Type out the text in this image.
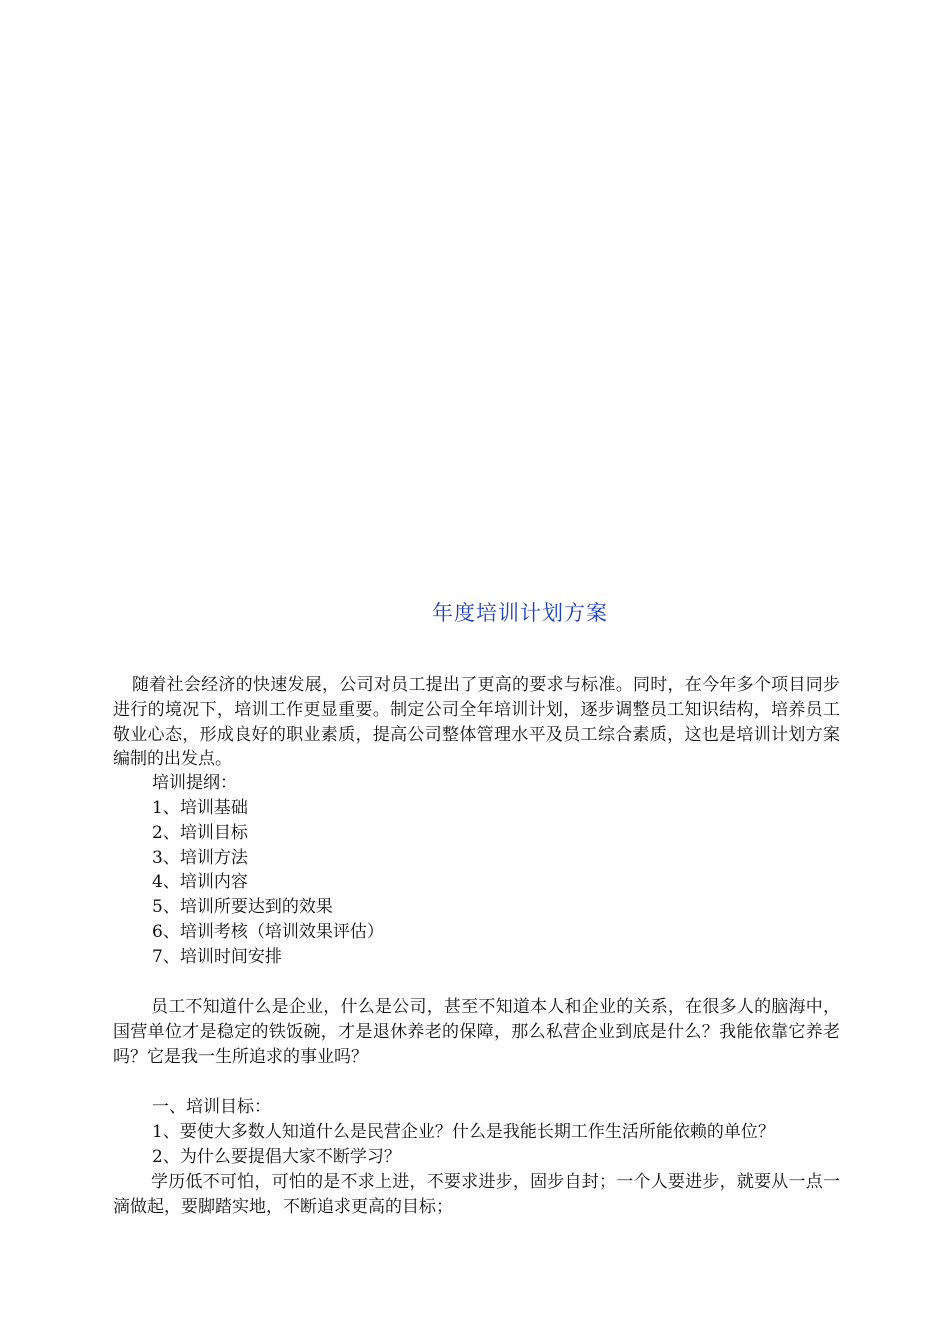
年度培训计划方案
随着社会经济的快速发展，公司对员工提出了更高的要求与标准。同时，在今年多个项目同步进行的境况下，培训工作更显重要。制定公司全年培训计划，逐步调整员工知识结构，培养员工敬业心态，形成良好的职业素质，提高公司整体管理水平及员工综合素质，这也是培训计划方案编制的出发点。
培训提纲：
1、培训基础
2、培训目标
3、培训方法
4、培训内容
5、培训所要达到的效果
6、培训考核（培训效果评估）
7、培训时间安排
员工不知道什么是企业，什么是公司，甚至不知道本人和企业的关系，在很多人的脑海中，国营单位才是稳定的铁饭碗，才是退休养老的保障，那么私营企业到底是什么？我能依靠它养老吗？它是我一生所追求的事业吗？
一、培训目标：
1、要使大多数人知道什么是民营企业？什么是我能长期工作生活所能依赖的单位？
2、为什么要提倡大家不断学习？
学历低不可怕，可怕的是不求上进，不要求进步，固步自封；一个人要进步，就要从一点一滴做起，要脚踏实地，不断追求更高的目标；
